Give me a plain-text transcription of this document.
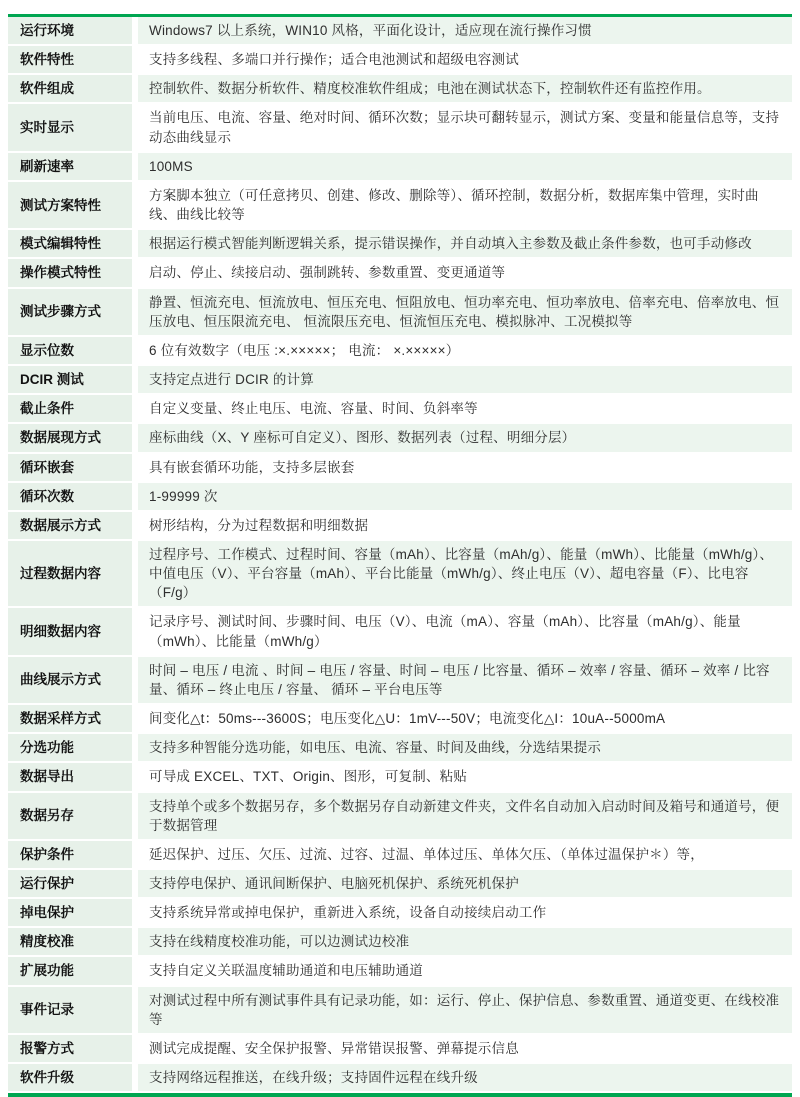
运行环境	Windows7 以上系统，WIN10 风格，平面化设计，适应现在流行操作习惯
软件特性	支持多线程、多端口并行操作；适合电池测试和超级电容测试
软件组成	控制软件、数据分析软件、精度校准软件组成；电池在测试状态下，控制软件还有监控作用。
实时显示	当前电压、电流、容量、绝对时间、循环次数；显示块可翻转显示，测试方案、变量和能量信息等，支持动态曲线显示
刷新速率	100MS
测试方案特性	方案脚本独立（可任意拷贝、创建、修改、删除等）、循环控制，数据分析，数据库集中管理，实时曲线、曲线比较等
模式编辑特性	根据运行模式智能判断逻辑关系，提示错误操作，并自动填入主参数及截止条件参数，也可手动修改
操作模式特性	启动、停止、续接启动、强制跳转、参数重置、变更通道等
测试步骤方式	静置、恒流充电、恒流放电、恒压充电、恒阻放电、恒功率充电、恒功率放电、倍率充电、倍率放电、恒压放电、恒压限流充电、 恒流限压充电、恒流恒压充电、模拟脉冲、工况模拟等
显示位数	6 位有效数字（电压 :×.×××××； 电流： ×.×××××）
DCIR 测试	支持定点进行 DCIR 的计算
截止条件	自定义变量、终止电压、电流、容量、时间、负斜率等
数据展现方式	座标曲线（X、Y 座标可自定义）、图形、数据列表（过程、明细分层）
循环嵌套	具有嵌套循环功能，支持多层嵌套
循环次数	1-99999 次
数据展示方式	树形结构，分为过程数据和明细数据
过程数据内容	过程序号、工作模式、过程时间、容量（mAh）、比容量（mAh/g）、能量（mWh）、比能量（mWh/g）、中值电压（V）、平台容量（mAh）、平台比能量（mWh/g）、终止电压（V）、超电容量（F）、比电容（F/g）
明细数据内容	记录序号、测试时间、步骤时间、电压（V）、电流（mA）、容量（mAh）、比容量（mAh/g）、能量（mWh）、比能量（mWh/g）
曲线展示方式	时间 – 电压 / 电流 、时间 – 电压 / 容量、时间 – 电压 / 比容量、循环 – 效率 / 容量、循环 – 效率 / 比容量、循环 – 终止电压 / 容量、 循环 – 平台电压等
数据采样方式	间变化△t：50ms---3600S；电压变化△U：1mV---50V；电流变化△I：10uA--5000mA
分选功能	支持多种智能分选功能，如电压、电流、容量、时间及曲线，分选结果提示
数据导出	可导成 EXCEL、TXT、Origin、图形，可复制、粘贴
数据另存	支持单个或多个数据另存，多个数据另存自动新建文件夹，文件名自动加入启动时间及箱号和通道号，便于数据管理
保护条件	延迟保护、过压、欠压、过流、过容、过温、单体过压、单体欠压、（单体过温保护＊）等，
运行保护	支持停电保护、通讯间断保护、电脑死机保护、系统死机保护
掉电保护	支持系统异常或掉电保护，重新进入系统，设备自动接续启动工作
精度校准	支持在线精度校准功能，可以边测试边校准
扩展功能	支持自定义关联温度辅助通道和电压辅助通道
事件记录	对测试过程中所有测试事件具有记录功能，如：运行、停止、保护信息、参数重置、通道变更、在线校准等
报警方式	测试完成提醒、安全保护报警、异常错误报警、弹幕提示信息
软件升级	支持网络远程推送，在线升级；支持固件远程在线升级
